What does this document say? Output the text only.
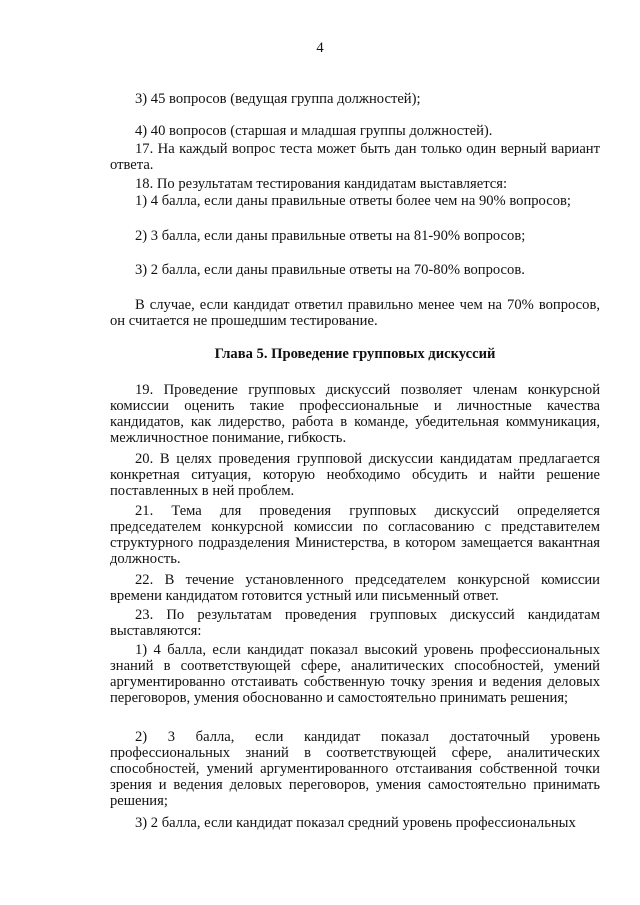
4

3) 45 вопросов (ведущая группа должностей);

4) 40 вопросов (старшая и младшая группы должностей).

17. На каждый вопрос теста может быть дан только один верный вариант ответа.

18. По результатам тестирования кандидатам выставляется:

1) 4 балла, если даны правильные ответы более чем на 90% вопросов;

2) 3 балла, если даны правильные ответы на 81-90% вопросов;

3) 2 балла, если даны правильные ответы на 70-80% вопросов.

В случае, если кандидат ответил правильно менее чем на 70% вопросов, он считается не прошедшим тестирование.

Глава 5. Проведение групповых дискуссий

19. Проведение групповых дискуссий позволяет членам конкурсной комиссии оценить такие профессиональные и личностные качества кандидатов, как лидерство, работа в команде, убедительная коммуникация, межличностное понимание, гибкость.

20. В целях проведения групповой дискуссии кандидатам предлагается конкретная ситуация, которую необходимо обсудить и найти решение поставленных в ней проблем.

21. Тема для проведения групповых дискуссий определяется председателем конкурсной комиссии по согласованию с представителем структурного подразделения Министерства, в котором замещается вакантная должность.

22. В течение установленного председателем конкурсной комиссии времени кандидатом готовится устный или письменный ответ.

23. По результатам проведения групповых дискуссий кандидатам выставляются:

1) 4 балла, если кандидат показал высокий уровень профессиональных знаний в соответствующей сфере, аналитических способностей, умений аргументированно отстаивать собственную точку зрения и ведения деловых переговоров, умения обоснованно и самостоятельно принимать решения;

2) 3 балла, если кандидат показал достаточный уровень профессиональных знаний в соответствующей сфере, аналитических способностей, умений аргументированного отстаивания собственной точки зрения и ведения деловых переговоров, умения самостоятельно принимать решения;

3) 2 балла, если кандидат показал средний уровень профессиональных
